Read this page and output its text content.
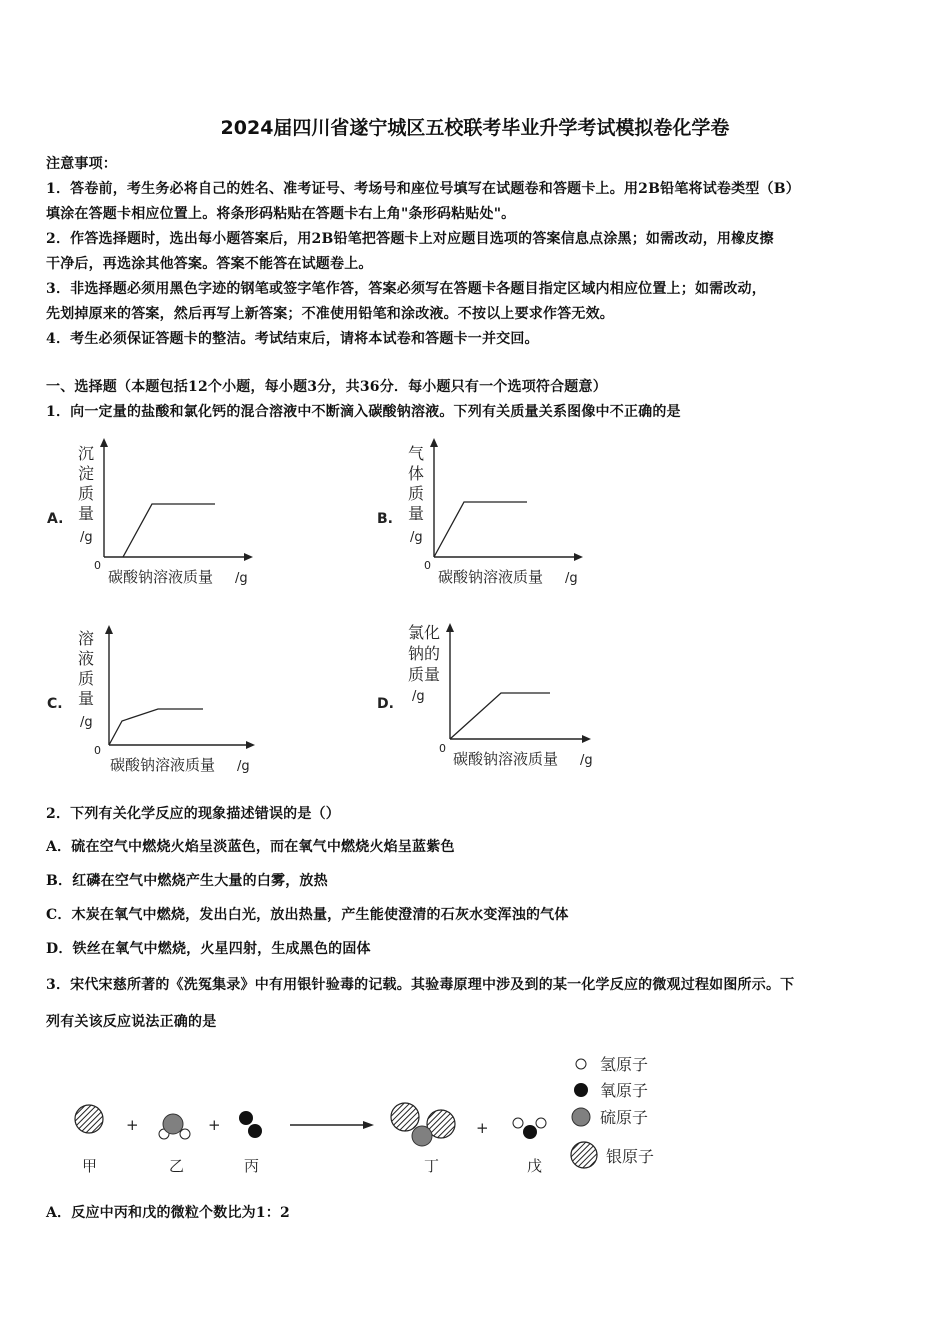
2024届四川省遂宁城区五校联考毕业升学考试模拟卷化学卷
注意事项：
1．答卷前，考生务必将自己的姓名、准考证号、考场号和座位号填写在试题卷和答题卡上。用2B铅笔将试卷类型（B）
填涂在答题卡相应位置上。将条形码粘贴在答题卡右上角"条形码粘贴处"。
2．作答选择题时，选出每小题答案后，用2B铅笔把答题卡上对应题目选项的答案信息点涂黑；如需改动，用橡皮擦
干净后，再选涂其他答案。答案不能答在试题卷上。
3．非选择题必须用黑色字迹的钢笔或签字笔作答，答案必须写在答题卡各题目指定区域内相应位置上；如需改动，
先划掉原来的答案，然后再写上新答案；不准使用铅笔和涂改液。不按以上要求作答无效。
4．考生必须保证答题卡的整洁。考试结束后，请将本试卷和答题卡一并交回。
一、选择题（本题包括12个小题，每小题3分，共36分．每小题只有一个选项符合题意）
1．向一定量的盐酸和氯化钙的混合溶液中不断滴入碳酸钠溶液。下列有关质量关系图像中不正确的是
A.
沉
淀
质
量
/g
0
碳酸钠溶液质量 /g
B.
气
体
质
量
/g
0
碳酸钠溶液质量 /g
C.
溶
液
质
量
/g
0
碳酸钠溶液质量 /g
D.
氯化
钠的
质量
/g
0
碳酸钠溶液质量 /g
2．下列有关化学反应的现象描述错误的是（）
A．硫在空气中燃烧火焰呈淡蓝色，而在氧气中燃烧火焰呈蓝紫色
B．红磷在空气中燃烧产生大量的白雾，放热
C．木炭在氧气中燃烧，发出白光，放出热量，产生能使澄清的石灰水变浑浊的气体
D．铁丝在氧气中燃烧，火星四射，生成黑色的固体
3．宋代宋慈所著的《洗冤集录》中有用银针验毒的记载。其验毒原理中涉及到的某一化学反应的微观过程如图所示。下
列有关该反应说法正确的是
氢原子
氧原子
硫原子
银原子
+	+	+
甲	乙	丙	丁	戊
A．反应中丙和戊的微粒个数比为1：2
